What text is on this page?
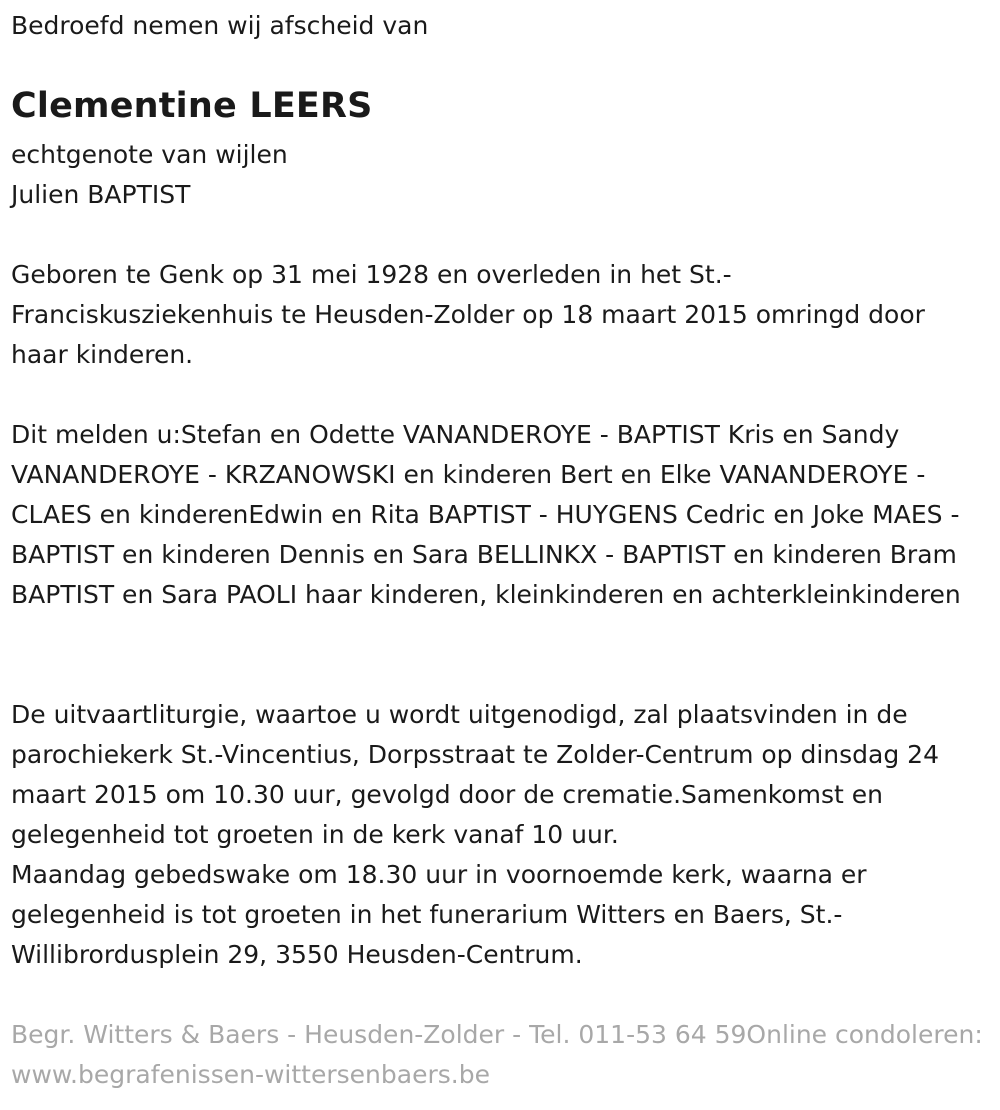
Bedroefd nemen wij afscheid van
Clementine LEERS
echtgenote van wijlen
Julien BAPTIST
Geboren te Genk op 31 mei 1928 en overleden in het St.-Franciskusziekenhuis te Heusden-Zolder op 18 maart 2015 omringd door haar kinderen.
Dit melden u:Stefan en Odette VANANDEROYE - BAPTIST Kris en Sandy VANANDEROYE - KRZANOWSKI en kinderen Bert en Elke VANANDEROYE - CLAES en kinderenEdwin en Rita BAPTIST - HUYGENS Cedric en Joke MAES - BAPTIST en kinderen Dennis en Sara BELLINKX - BAPTIST en kinderen Bram BAPTIST en Sara PAOLI haar kinderen, kleinkinderen en achterkleinkinderen
De uitvaartliturgie, waartoe u wordt uitgenodigd, zal plaatsvinden in de parochiekerk St.-Vincentius, Dorpsstraat te Zolder-Centrum op dinsdag 24 maart 2015 om 10.30 uur, gevolgd door de crematie.Samenkomst en gelegenheid tot groeten in de kerk vanaf 10 uur.
Maandag gebedswake om 18.30 uur in voornoemde kerk, waarna er gelegenheid is tot groeten in het funerarium Witters en Baers, St.-Willibrordusplein 29, 3550 Heusden-Centrum.
Begr. Witters & Baers - Heusden-Zolder - Tel. 011-53 64 59Online condoleren: www.begrafenissen-wittersenbaers.be
